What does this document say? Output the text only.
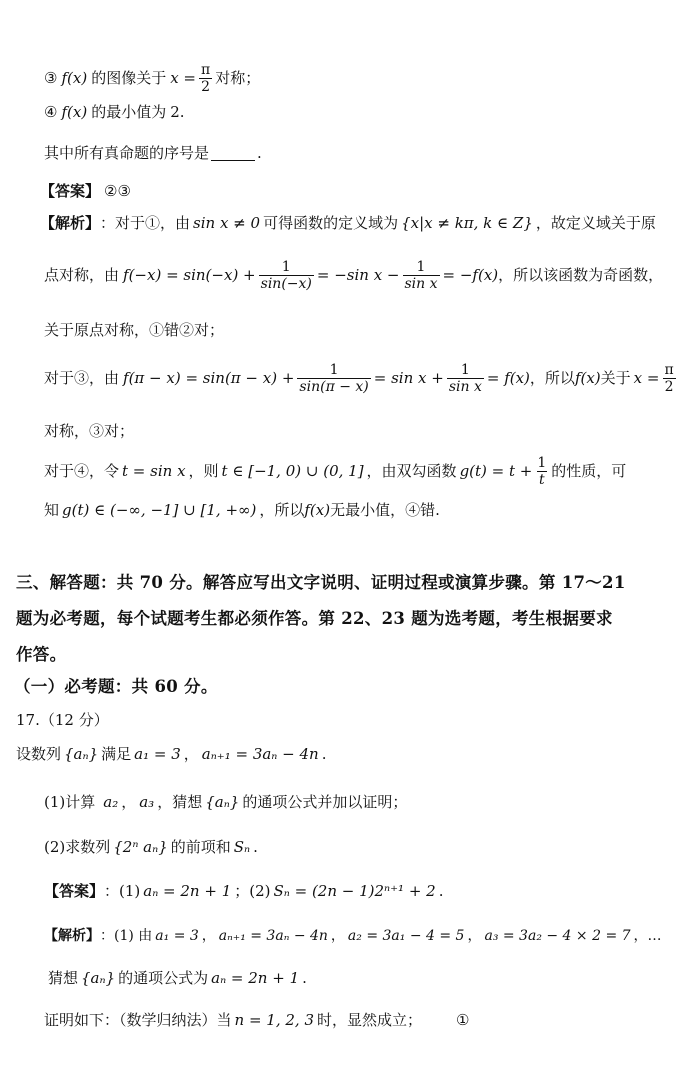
③ f (x) 的图像关于 $x = \frac{\pi}{2}$ 对称；
④ f (x) 的最小值为 2 .
其中所有真命题的序号是	.
【答案】 ②③
【解析】 ：对于①，由 sin x ≠ 0 可得函数的定义域为 {x|x ≠ kπ, k ∈ Z} ，故定义域关于原
点对称，由 $f(-x) = \sin(-x) + \frac{1}{\sin(-x)} = -\sin$ $x - \frac{1}{\text{sin x}} = -f(x)$ ，所以该函数为奇函数，
关于原点对称，①错②对；
对于③，由 $f(\pi - x) = \sin(\pi - x) + \frac{1}{\sin(\pi - x)} = \sin x + \frac{1}{\text{sin x}} = f(x)$ ，所以 f(x) 关于 $x = \frac{\pi}{2}$
对称，③对；
对于④，令 t = sin x ，则 t ∈ [−1, 0) ∪ (0, 1] ，由双勾函数 $g(t) = t + \frac{1}{t}$ 的性质，可
知 g(t) ∈ (−∞, −1] ∪ [1, +∞) ，所以 f(x) 无最小值，④错.
三、解答题：共 70 分。解答应写出文字说明、证明过程或演算步骤。第 17～21
题为必考题，每个试题考生都必须作答。第 22、23 题为选考题，考生根据要求
作答。
（一）必考题：共 60 分。
17.（12 分）
设数列 {aₙ} 满足 a₁ = 3 ， aₙ₊₁ = 3aₙ − 4n .
(1)计算 a₂ ， a₃ ，猜想 {aₙ} 的通项公式并加以证明；
(2)求数列 {2ⁿ aₙ} 的前项和 Sₙ .
【答案】 ：(1) aₙ = 2n + 1 ；(2) Sₙ = (2n − 1)2ⁿ⁺¹ + 2 .
【解析】 ：(1) 由 a₁ = 3 ， aₙ₊₁ = 3aₙ − 4n ， a₂ = 3a₁ − 4 = 5 ， a₃ = 3a₂ − 4 × 2 = 7 ，…
猜想 {aₙ} 的通项公式为 aₙ = 2n + 1 .
证明如下：（数学归纳法）当 n = 1, 2, 3 时，显然成立； ①
